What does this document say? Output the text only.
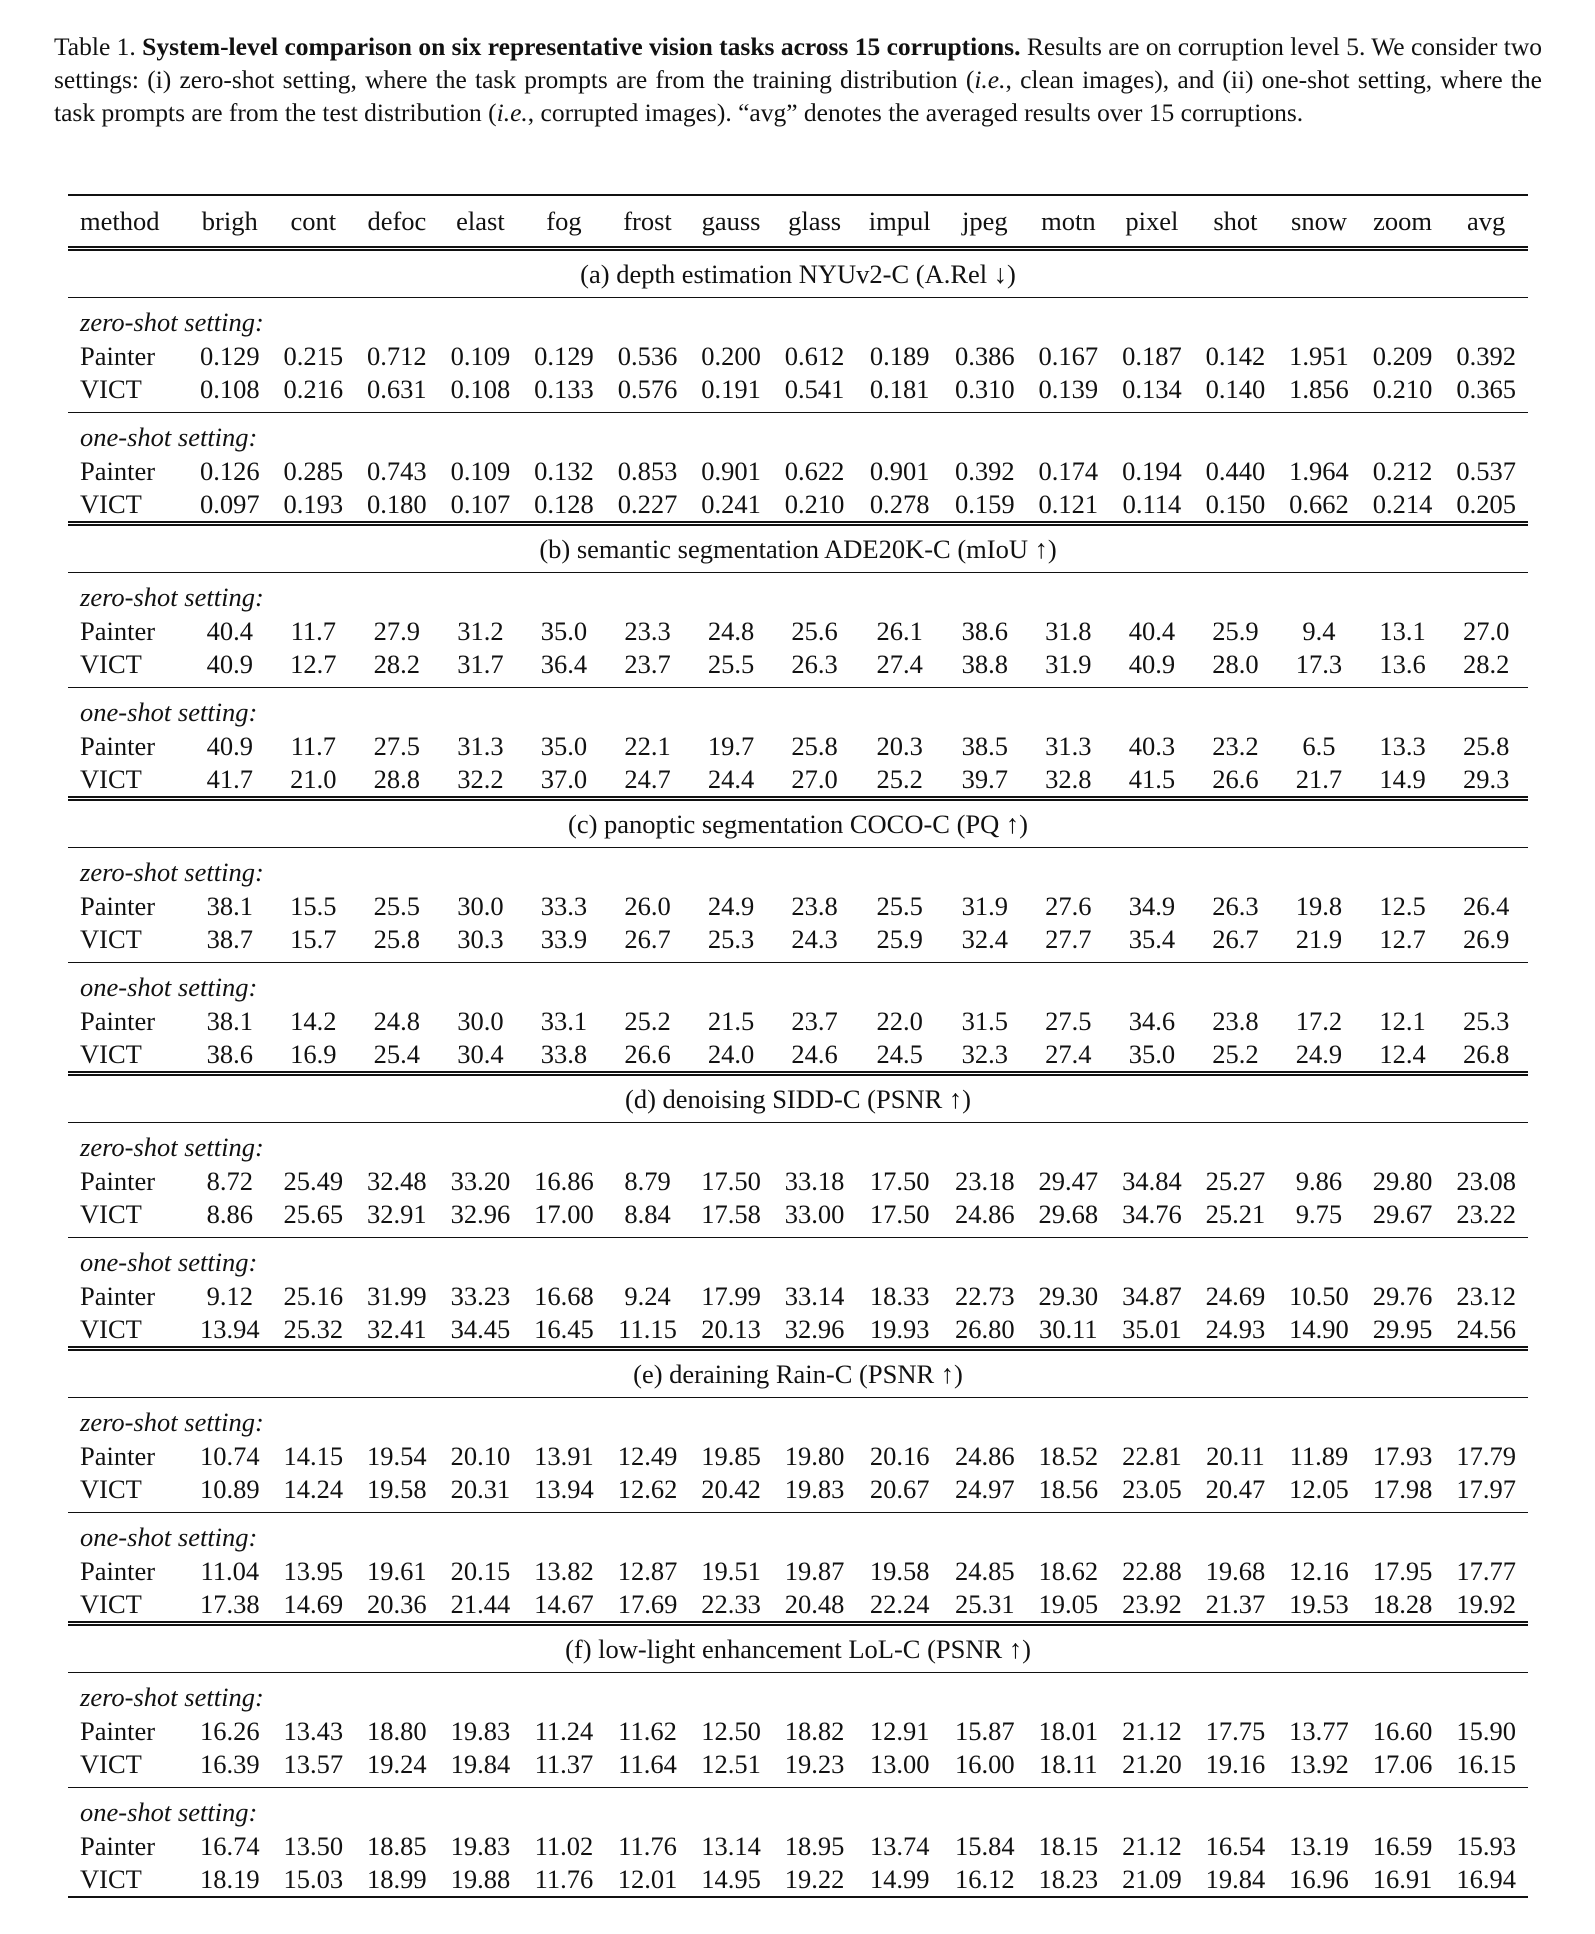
Table 1. System-level comparison on six representative vision tasks across 15 corruptions. Results are on corruption level 5. We consider two settings: (i) zero-shot setting, where the task prompts are from the training distribution (i.e., clean images), and (ii) one-shot setting, where the task prompts are from the test distribution (i.e., corrupted images). “avg” denotes the averaged results over 15 corruptions.
method	brigh	cont	defoc	elast	fog	frost	gauss	glass	impul	jpeg	motn	pixel	shot	snow	zoom	avg
(a) depth estimation NYUv2-C (A.Rel ↓)																
zero-shot setting:																
Painter	0.129	0.215	0.712	0.109	0.129	0.536	0.200	0.612	0.189	0.386	0.167	0.187	0.142	1.951	0.209	0.392
VICT	0.108	0.216	0.631	0.108	0.133	0.576	0.191	0.541	0.181	0.310	0.139	0.134	0.140	1.856	0.210	0.365
one-shot setting:																
Painter	0.126	0.285	0.743	0.109	0.132	0.853	0.901	0.622	0.901	0.392	0.174	0.194	0.440	1.964	0.212	0.537
VICT	0.097	0.193	0.180	0.107	0.128	0.227	0.241	0.210	0.278	0.159	0.121	0.114	0.150	0.662	0.214	0.205
(b) semantic segmentation ADE20K-C (mIoU ↑)																
zero-shot setting:																
Painter	40.4	11.7	27.9	31.2	35.0	23.3	24.8	25.6	26.1	38.6	31.8	40.4	25.9	9.4	13.1	27.0
VICT	40.9	12.7	28.2	31.7	36.4	23.7	25.5	26.3	27.4	38.8	31.9	40.9	28.0	17.3	13.6	28.2
one-shot setting:																
Painter	40.9	11.7	27.5	31.3	35.0	22.1	19.7	25.8	20.3	38.5	31.3	40.3	23.2	6.5	13.3	25.8
VICT	41.7	21.0	28.8	32.2	37.0	24.7	24.4	27.0	25.2	39.7	32.8	41.5	26.6	21.7	14.9	29.3
(c) panoptic segmentation COCO-C (PQ ↑)																
zero-shot setting:																
Painter	38.1	15.5	25.5	30.0	33.3	26.0	24.9	23.8	25.5	31.9	27.6	34.9	26.3	19.8	12.5	26.4
VICT	38.7	15.7	25.8	30.3	33.9	26.7	25.3	24.3	25.9	32.4	27.7	35.4	26.7	21.9	12.7	26.9
one-shot setting:																
Painter	38.1	14.2	24.8	30.0	33.1	25.2	21.5	23.7	22.0	31.5	27.5	34.6	23.8	17.2	12.1	25.3
VICT	38.6	16.9	25.4	30.4	33.8	26.6	24.0	24.6	24.5	32.3	27.4	35.0	25.2	24.9	12.4	26.8
(d) denoising SIDD-C (PSNR ↑)																
zero-shot setting:																
Painter	8.72	25.49	32.48	33.20	16.86	8.79	17.50	33.18	17.50	23.18	29.47	34.84	25.27	9.86	29.80	23.08
VICT	8.86	25.65	32.91	32.96	17.00	8.84	17.58	33.00	17.50	24.86	29.68	34.76	25.21	9.75	29.67	23.22
one-shot setting:																
Painter	9.12	25.16	31.99	33.23	16.68	9.24	17.99	33.14	18.33	22.73	29.30	34.87	24.69	10.50	29.76	23.12
VICT	13.94	25.32	32.41	34.45	16.45	11.15	20.13	32.96	19.93	26.80	30.11	35.01	24.93	14.90	29.95	24.56
(e) deraining Rain-C (PSNR ↑)																
zero-shot setting:																
Painter	10.74	14.15	19.54	20.10	13.91	12.49	19.85	19.80	20.16	24.86	18.52	22.81	20.11	11.89	17.93	17.79
VICT	10.89	14.24	19.58	20.31	13.94	12.62	20.42	19.83	20.67	24.97	18.56	23.05	20.47	12.05	17.98	17.97
one-shot setting:																
Painter	11.04	13.95	19.61	20.15	13.82	12.87	19.51	19.87	19.58	24.85	18.62	22.88	19.68	12.16	17.95	17.77
VICT	17.38	14.69	20.36	21.44	14.67	17.69	22.33	20.48	22.24	25.31	19.05	23.92	21.37	19.53	18.28	19.92
(f) low-light enhancement LoL-C (PSNR ↑)																
zero-shot setting:																
Painter	16.26	13.43	18.80	19.83	11.24	11.62	12.50	18.82	12.91	15.87	18.01	21.12	17.75	13.77	16.60	15.90
VICT	16.39	13.57	19.24	19.84	11.37	11.64	12.51	19.23	13.00	16.00	18.11	21.20	19.16	13.92	17.06	16.15
one-shot setting:																
Painter	16.74	13.50	18.85	19.83	11.02	11.76	13.14	18.95	13.74	15.84	18.15	21.12	16.54	13.19	16.59	15.93
VICT	18.19	15.03	18.99	19.88	11.76	12.01	14.95	19.22	14.99	16.12	18.23	21.09	19.84	16.96	16.91	16.94
